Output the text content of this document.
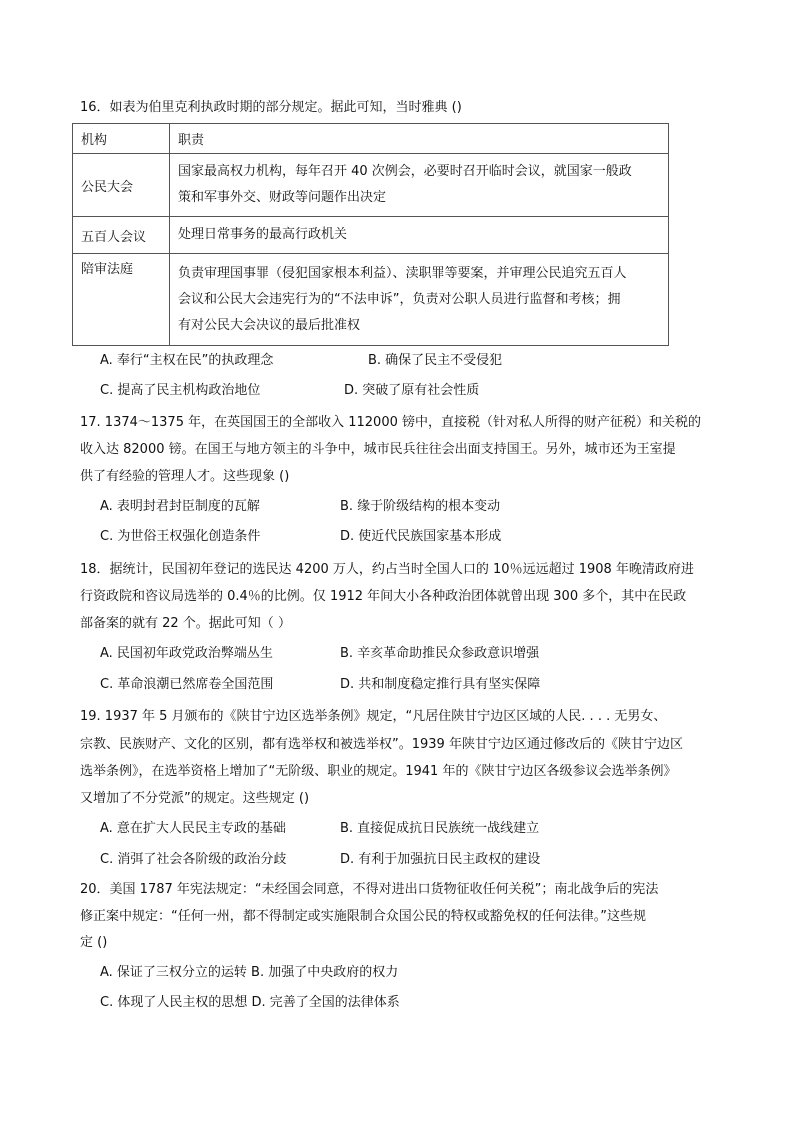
16．如表为伯里克利执政时期的部分规定。据此可知，当时雅典 ()
机构	职责
公民大会	国家最高权力机构，每年召开 40 次例会，必要时召开临时会议，就国家一般政
策和军事外交、财政等问题作出决定

五百人会议	处理日常事务的最高行政机关

陪审法庭	负责审理国事罪（侵犯国家根本利益）、渎职罪等要案，并审理公民追究五百人
会议和公民大会违宪行为的“不法申诉”，负责对公职人员进行监督和考核；拥
有对公民大会决议的最后批准权
A. 奉行“主权在民”的执政理念	B. 确保了民主不受侵犯
C. 提高了民主机构政治地位	D. 突破了原有社会性质
17. 1374～1375 年，在英国国王的全部收入 112000 镑中，直接税（针对私人所得的财产征税）和关税的
收入达 82000 镑。在国王与地方领主的斗争中，城市民兵往往会出面支持国王。另外，城市还为王室提
供了有经验的管理人才。这些现象 ()
A. 表明封君封臣制度的瓦解	B. 缘于阶级结构的根本变动
C. 为世俗王权强化创造条件	D. 使近代民族国家基本形成
18．据统计，民国初年登记的选民达 4200 万人，约占当时全国人口的 10％远远超过 1908 年晚清政府进
行资政院和咨议局选举的 0.4％的比例。仅 1912 年间大小各种政治团体就曾出现 300 多个，其中在民政
部备案的就有 22 个。据此可知（ ）
A. 民国初年政党政治弊端丛生	B. 辛亥革命助推民众参政意识增强
C. 革命浪潮已然席卷全国范围	D. 共和制度稳定推行具有坚实保障
19. 1937 年 5 月颁布的《陕甘宁边区选举条例》规定，“凡居住陕甘宁边区区域的人民. . . . 无男女、
宗教、民族财产、文化的区别，都有选举权和被选举权”。1939 年陕甘宁边区通过修改后的《陕甘宁边区
选举条例》，在选举资格上增加了“无阶级、职业的规定。1941 年的《陕甘宁边区各级参议会选举条例》
又增加了不分党派”的规定。这些规定 ()
A. 意在扩大人民民主专政的基础	B. 直接促成抗日民族统一战线建立
C. 消弭了社会各阶级的政治分歧	D. 有利于加强抗日民主政权的建设
20．美国 1787 年宪法规定：“未经国会同意，不得对进出口货物征收任何关税”；南北战争后的宪法
修正案中规定：“任何一州，都不得制定或实施限制合众国公民的特权或豁免权的任何法律。”这些规
定 ()
A. 保证了三权分立的运转 B. 加强了中央政府的权力
C. 体现了人民主权的思想 D. 完善了全国的法律体系
